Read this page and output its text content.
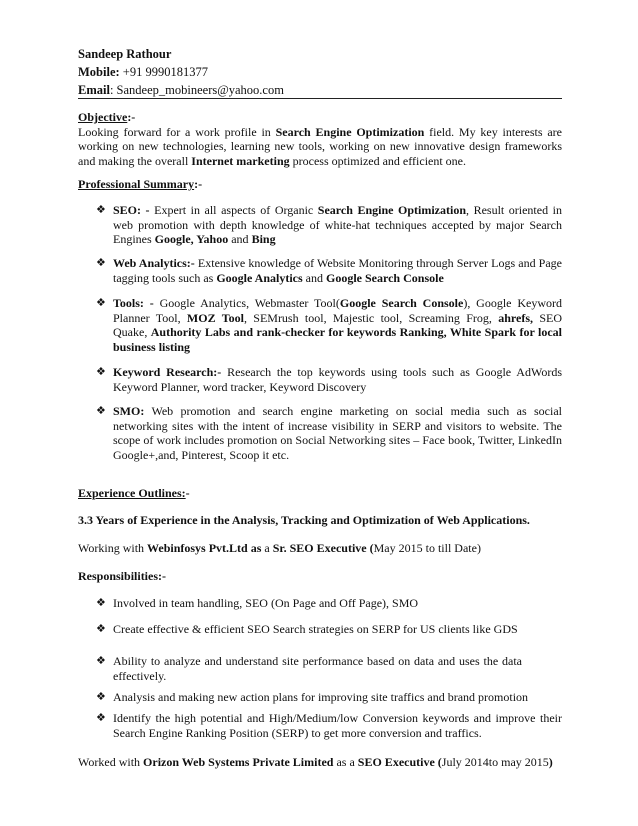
Sandeep Rathour
Mobile: +91 9990181377
Email: Sandeep_mobineers@yahoo.com
Objective:-
Looking forward for a work profile in Search Engine Optimization field. My key interests are working on new technologies, learning new tools, working on new innovative design frameworks and making the overall Internet marketing process optimized and efficient one.
Professional Summary:-
❖ SEO: - Expert in all aspects of Organic Search Engine Optimization, Result oriented in web promotion with depth knowledge of white-hat techniques accepted by major Search Engines Google, Yahoo and Bing
❖ Web Analytics:- Extensive knowledge of Website Monitoring through Server Logs and Page tagging tools such as Google Analytics and Google Search Console
❖ Tools: - Google Analytics, Webmaster Tool(Google Search Console), Google Keyword Planner Tool, MOZ Tool, SEMrush tool, Majestic tool, Screaming Frog, ahrefs, SEO Quake, Authority Labs and rank-checker for keywords Ranking, White Spark for local business listing
❖ Keyword Research:- Research the top keywords using tools such as Google AdWords Keyword Planner, word tracker, Keyword Discovery
❖ SMO: Web promotion and search engine marketing on social media such as social networking sites with the intent of increase visibility in SERP and visitors to website. The scope of work includes promotion on Social Networking sites – Face book, Twitter, LinkedIn Google+,and, Pinterest, Scoop it etc.
Experience Outlines:-
3.3 Years of Experience in the Analysis, Tracking and Optimization of Web Applications.
Working with Webinfosys Pvt.Ltd as a Sr. SEO Executive (May 2015 to till Date)
Responsibilities:-
❖ Involved in team handling, SEO (On Page and Off Page), SMO
❖ Create effective & efficient SEO Search strategies on SERP for US clients like GDS
❖ Ability to analyze and understand site performance based on data and uses the data effectively.
❖ Analysis and making new action plans for improving site traffics and brand promotion
❖ Identify the high potential and High/Medium/low Conversion keywords and improve their Search Engine Ranking Position (SERP) to get more conversion and traffics.
Worked with Orizon Web Systems Private Limited as a SEO Executive (July 2014to may 2015)
